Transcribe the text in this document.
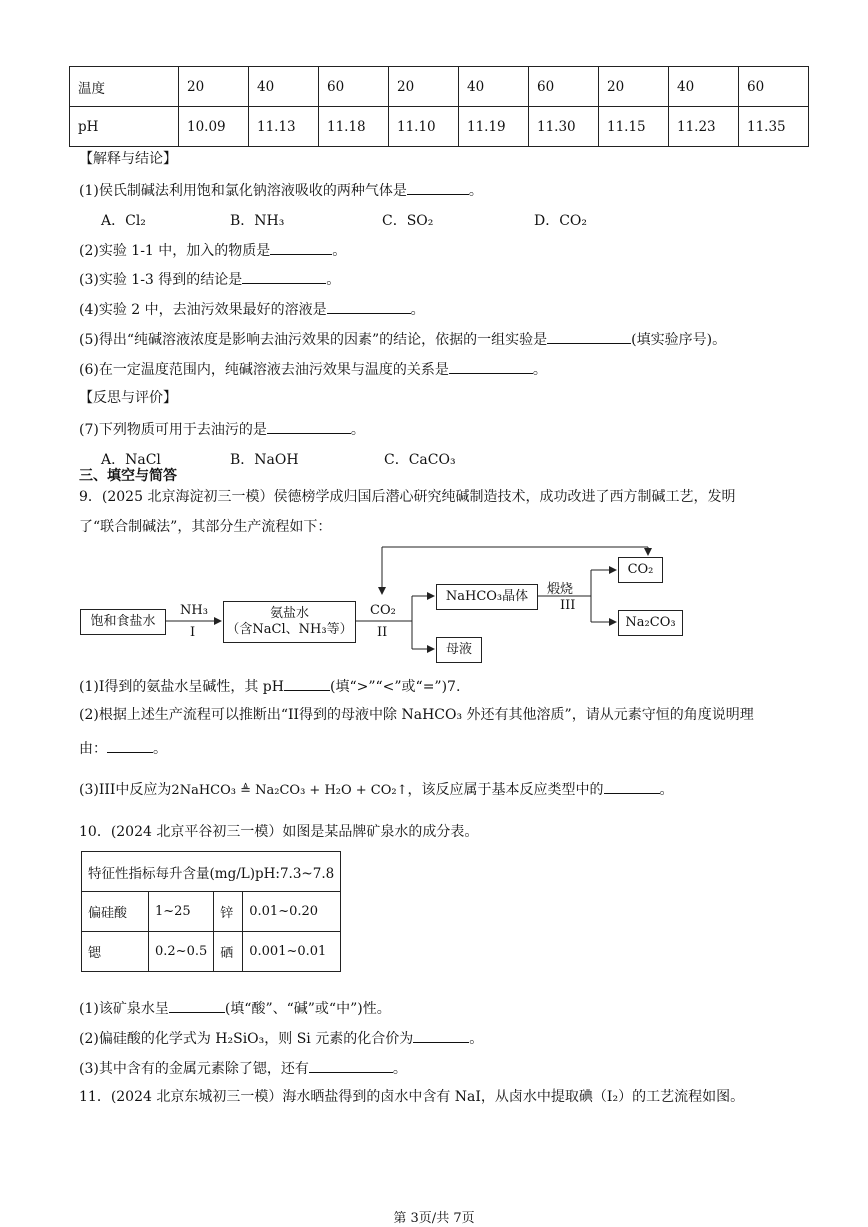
温度	20	40	60	20	40	60	20	40	60
pH	10.09	11.13	11.18	11.10	11.19	11.30	11.15	11.23	11.35
【解释与结论】
(1)侯氏制碱法利用饱和氯化钠溶液吸收的两种气体是	。
A．Cl₂	B．NH₃	C．SO₂	D．CO₂
(2)实验 1-1 中，加入的物质是	。
(3)实验 1-3 得到的结论是	。
(4)实验 2 中，去油污效果最好的溶液是	。
(5)得出“纯碱溶液浓度是影响去油污效果的因素”的结论，依据的一组实验是	(填实验序号)。
(6)在一定温度范围内，纯碱溶液去油污效果与温度的关系是	。
【反思与评价】
(7)下列物质可用于去油污的是	。
A．NaCl	B．NaOH	C．CaCO₃
三、填空与简答
9．(2025 北京海淀初三一模）侯德榜学成归国后潜心研究纯碱制造技术，成功改进了西方制碱工艺，发明
了“联合制碱法”，其部分生产流程如下：
饱和食盐水
NH₃
I
氨盐水
（含NaCl、NH₃等）
CO₂
II
NaHCO₃晶体	煅烧
III
CO₂
Na₂CO₃
母液
(1)I得到的氨盐水呈碱性，其 pH	(填“>”“<”或“=”)7.
(2)根据上述生产流程可以推断出“II得到的母液中除 NaHCO₃ 外还有其他溶质”，请从元素守恒的角度说明理
由：	。
(3)III中反应为2NaHCO₃ ≜ Na₂CO₃ + H₂O + CO₂↑，该反应属于基本反应类型中的	。
10．(2024 北京平谷初三一模）如图是某品牌矿泉水的成分表。
特征性指标每升含量(mg/L)pH:7.3~7.8			
偏硅酸	1~25	锌	0.01~0.20
锶	0.2~0.5	硒	0.001~0.01
(1)该矿泉水呈	(填“酸”、“碱”或“中”)性。
(2)偏硅酸的化学式为 H₂SiO₃，则 Si 元素的化合价为	。
(3)其中含有的金属元素除了锶，还有	。
11．(2024 北京东城初三一模）海水晒盐得到的卤水中含有 NaI，从卤水中提取碘（I₂）的工艺流程如图。
第 3页/共 7页
